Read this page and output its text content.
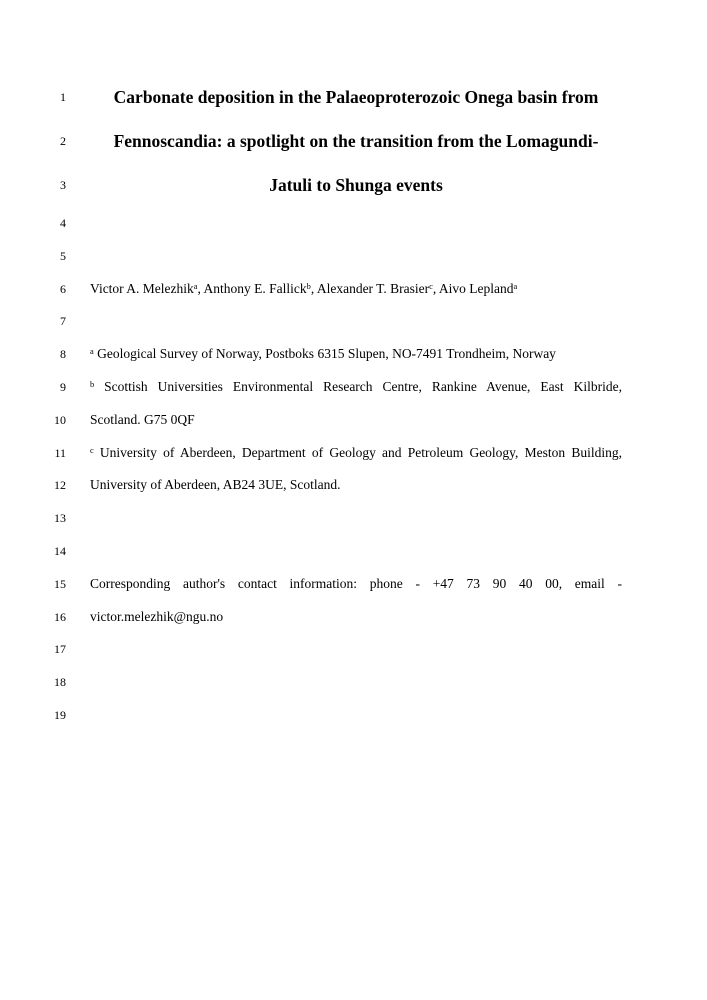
1	Carbonate deposition in the Palaeoproterozoic Onega basin from
2	Fennoscandia: a spotlight on the transition from the Lomagundi-
3	Jatuli to Shunga events
4
5
6 Victor A. Melezhik$^a$, Anthony E. Fallick$^b$, Alexander T. Brasier$^c$, Aivo Lepland$^a$
7
8	$^a$ Geological Survey of Norway, Postboks 6315 Slupen, NO-7491 Trondheim, Norway
9	$^b$ Scottish Universities Environmental Research Centre, Rankine Avenue, East Kilbride,
10 Scotland. G75 0QF
11	$^c$ University of Aberdeen, Department of Geology and Petroleum Geology, Meston Building,
12 University of Aberdeen, AB24 3UE, Scotland.
13
14
15 Corresponding author's contact information: phone - +47 73 90 40 00, email -
16 victor.melezhik@ngu.no
17
18
19
